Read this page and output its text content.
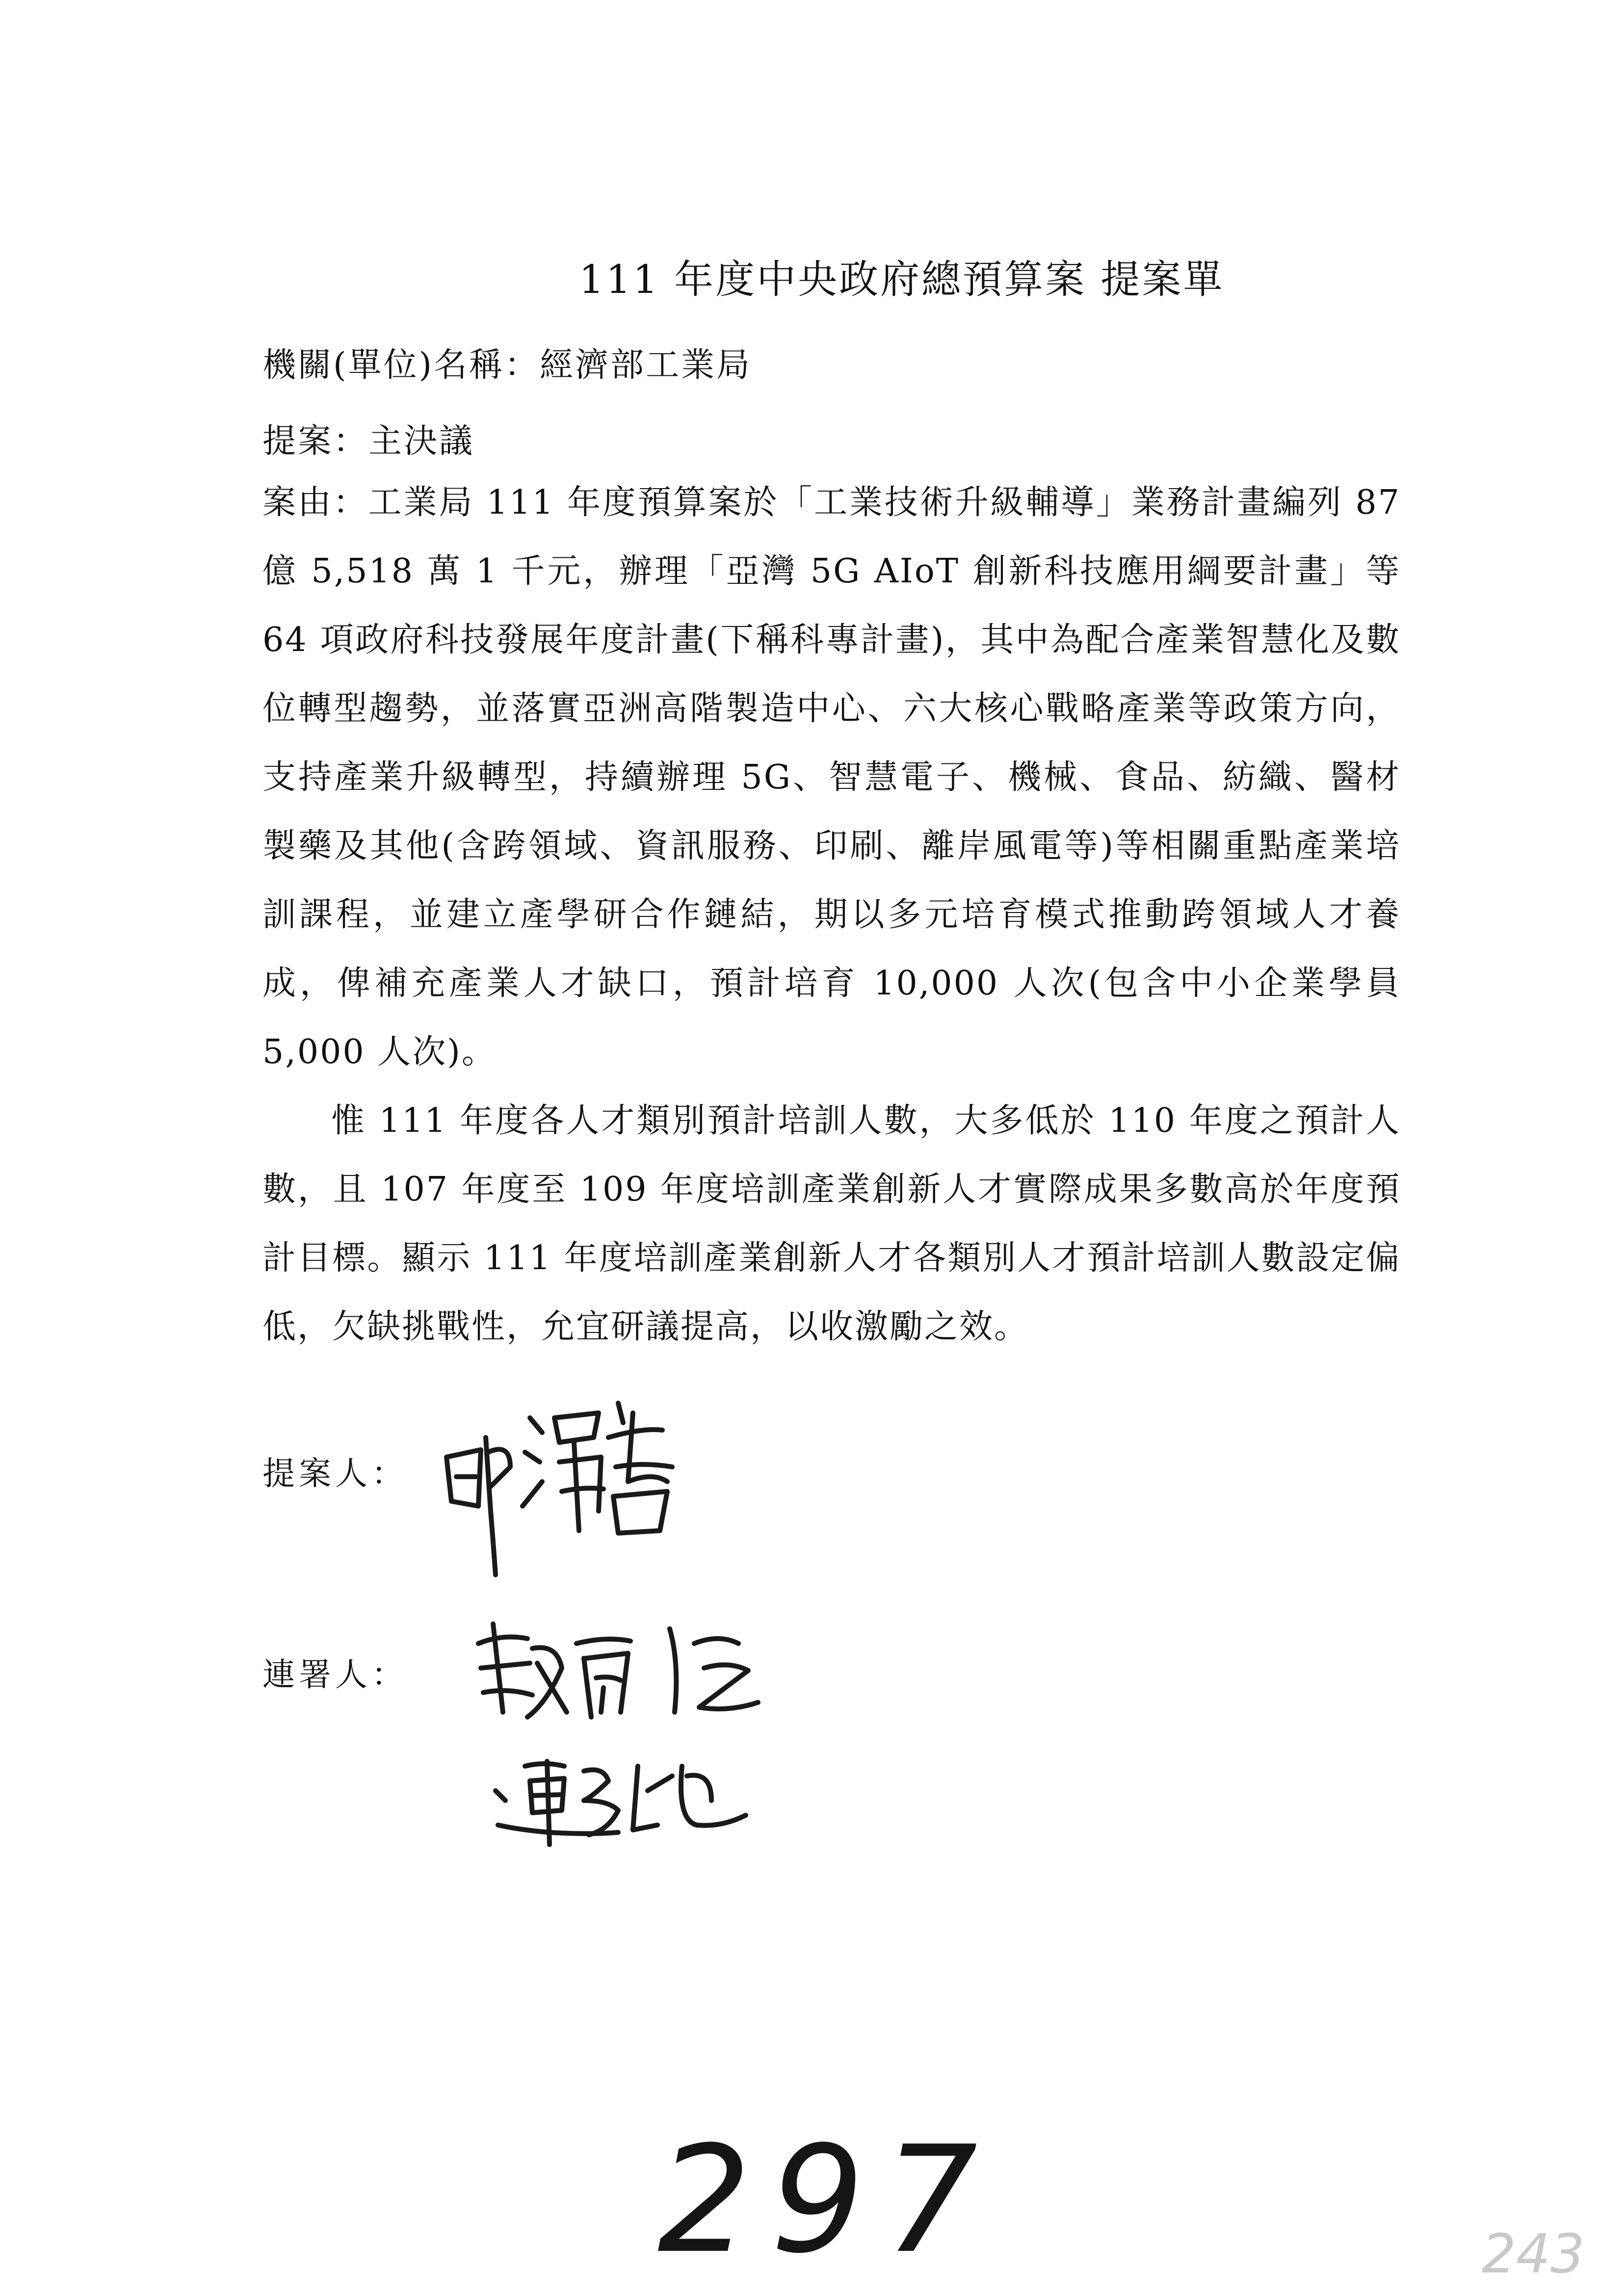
111 年度中央政府總預算案 提案單
機關(單位)名稱：經濟部工業局
提案：主決議
案由：工業局 111 年度預算案於「工業技術升級輔導」業務計畫編列 87 億 5,518 萬 1 千元，辦理「亞灣 5G AIoT 創新科技應用綱要計畫」等 64 項政府科技發展年度計畫(下稱科專計畫)，其中為配合產業智慧化及數位轉型趨勢，並落實亞洲高階製造中心、六大核心戰略產業等政策方向，支持產業升級轉型，持續辦理 5G、智慧電子、機械、食品、紡織、醫材製藥及其他(含跨領域、資訊服務、印刷、離岸風電等)等相關重點產業培訓課程，並建立產學研合作鏈結，期以多元培育模式推動跨領域人才養成，俾補充產業人才缺口，預計培育 10,000 人次(包含中小企業學員 5,000 人次)。
惟 111 年度各人才類別預計培訓人數，大多低於 110 年度之預計人數，且 107 年度至 109 年度培訓產業創新人才實際成果多數高於年度預計目標。顯示 111 年度培訓產業創新人才各類別人才預計培訓人數設定偏低，欠缺挑戰性，允宜研議提高，以收激勵之效。
提案人：
連署人：
297	243
